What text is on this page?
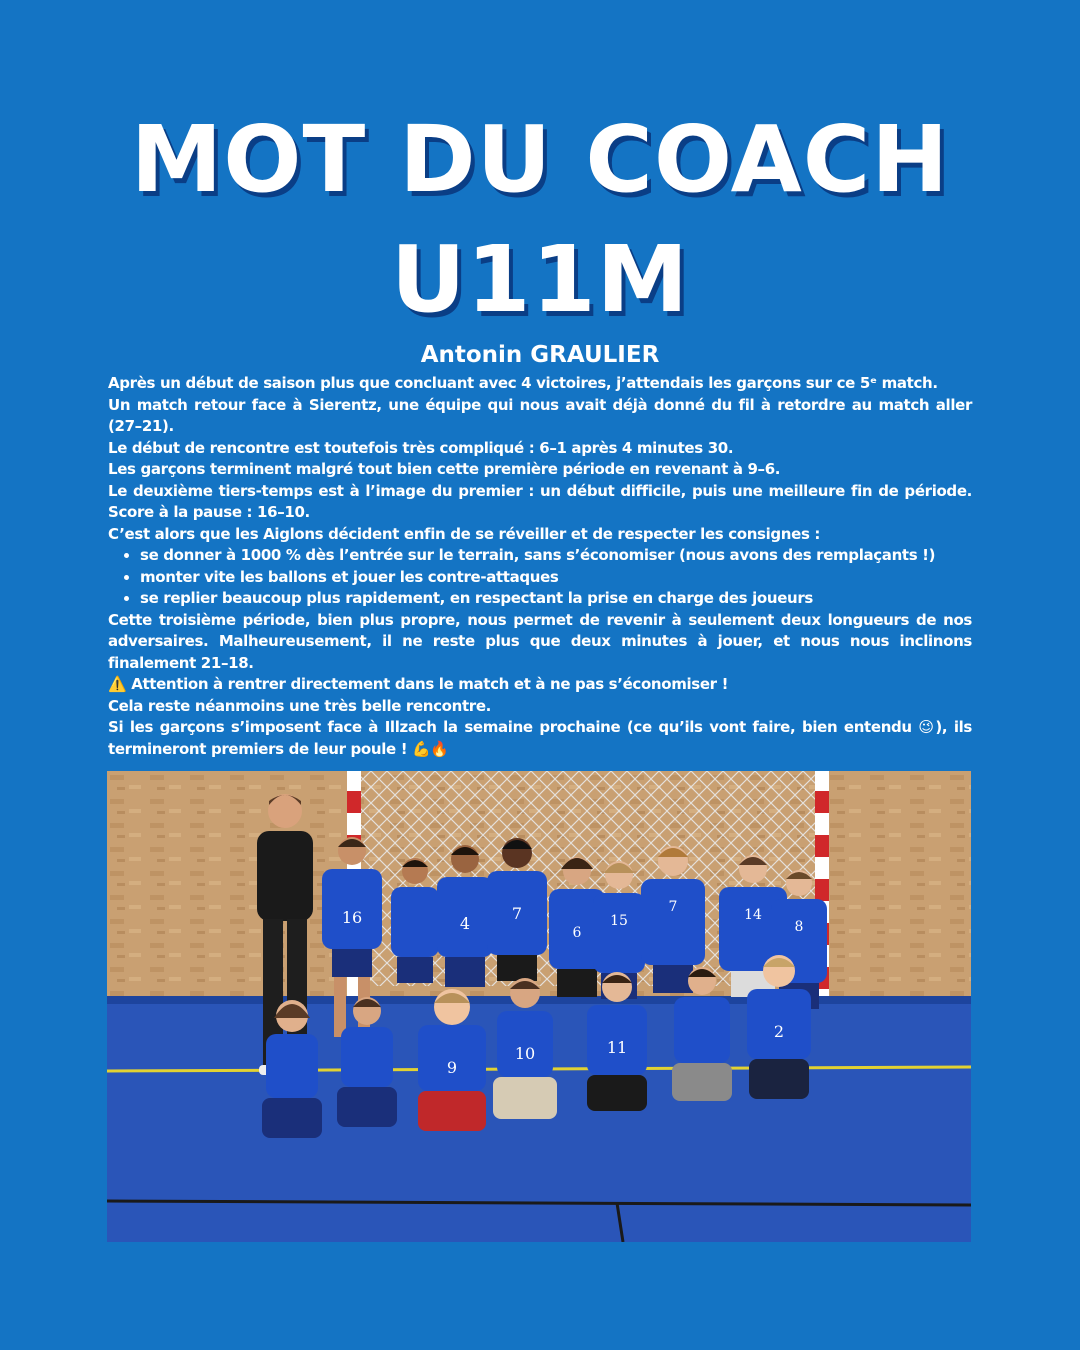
MOT DU COACH
U11M
Antonin GRAULIER

Après un début de saison plus que concluant avec 4 victoires, j’attendais les garçons sur ce 5ᵉ match.

Un match retour face à Sierentz, une équipe qui nous avait déjà donné du fil à retordre au match aller (27–21).

Le début de rencontre est toutefois très compliqué : 6–1 après 4 minutes 30.

Les garçons terminent malgré tout bien cette première période en revenant à 9–6.

Le deuxième tiers-temps est à l’image du premier : un début difficile, puis une meilleure fin de période. Score à la pause : 16–10.

C’est alors que les Aiglons décident enfin de se réveiller et de respecter les consignes :

• se donner à 1000 % dès l’entrée sur le terrain, sans s’économiser (nous avons des remplaçants !)
• monter vite les ballons et jouer les contre-attaques
• se replier beaucoup plus rapidement, en respectant la prise en charge des joueurs

Cette troisième période, bien plus propre, nous permet de revenir à seulement deux longueurs de nos adversaires. Malheureusement, il ne reste plus que deux minutes à jouer, et nous nous inclinons finalement 21–18.

⚠️ Attention à rentrer directement dans le match et à ne pas s’économiser !

Cela reste néanmoins une très belle rencontre.

Si les garçons s’imposent face à Illzach la semaine prochaine (ce qu’ils vont faire, bien entendu 😉), ils termineront premiers de leur poule ! 💪🔥

16	4
7
6
15
7	14
8
9
10	11
2
